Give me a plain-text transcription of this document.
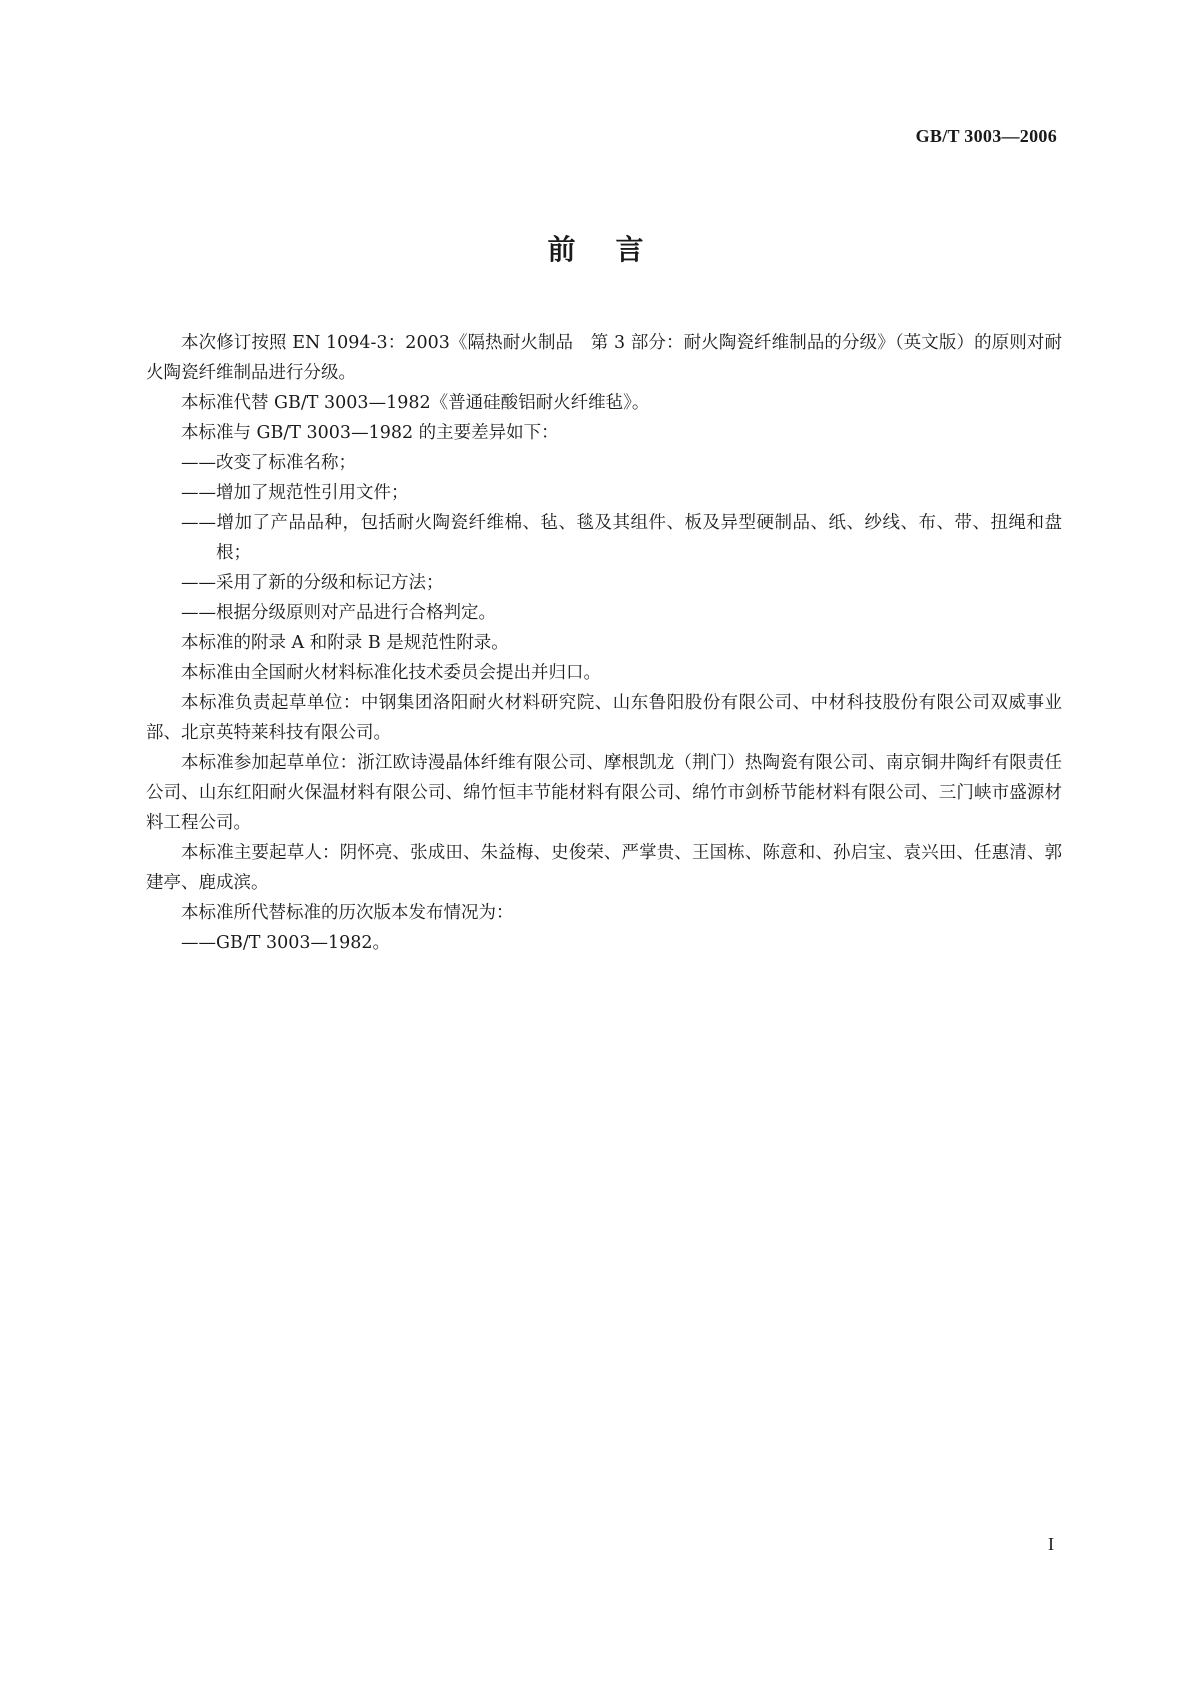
GB/T 3003—2006
前言

本次修订按照 EN 1094-3：2003《隔热耐火制品　第 3 部分：耐火陶瓷纤维制品的分级》（英文版）的原则对耐火陶瓷纤维制品进行分级。

本标准代替 GB/T 3003—1982《普通硅酸铝耐火纤维毡》。

本标准与 GB/T 3003—1982 的主要差异如下：

——改变了标准名称；

——增加了规范性引用文件；

——增加了产品品种，包括耐火陶瓷纤维棉、毡、毯及其组件、板及异型硬制品、纸、纱线、布、带、扭绳和盘根；

——采用了新的分级和标记方法；

——根据分级原则对产品进行合格判定。

本标准的附录 A 和附录 B 是规范性附录。

本标准由全国耐火材料标准化技术委员会提出并归口。

本标准负责起草单位：中钢集团洛阳耐火材料研究院、山东鲁阳股份有限公司、中材科技股份有限公司双威事业部、北京英特莱科技有限公司。

本标准参加起草单位：浙江欧诗漫晶体纤维有限公司、摩根凯龙（荆门）热陶瓷有限公司、南京铜井陶纤有限责任公司、山东红阳耐火保温材料有限公司、绵竹恒丰节能材料有限公司、绵竹市剑桥节能材料有限公司、三门峡市盛源材料工程公司。

本标准主要起草人：阴怀亮、张成田、朱益梅、史俊荣、严掌贵、王国栋、陈意和、孙启宝、袁兴田、任惠清、郭建亭、鹿成滨。

本标准所代替标准的历次版本发布情况为：

——GB/T 3003—1982。

I
